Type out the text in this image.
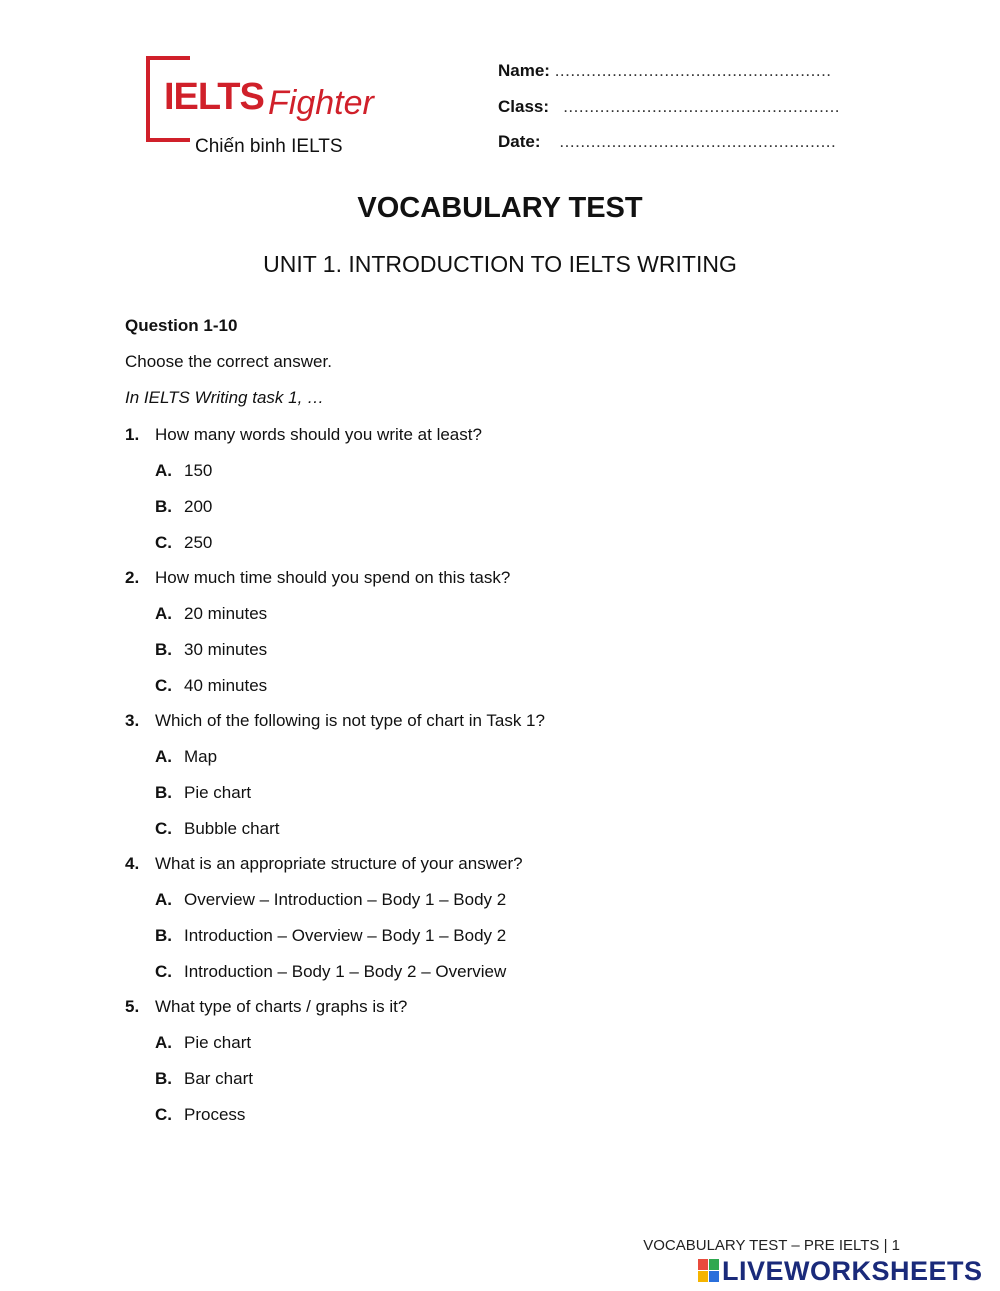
IELTS Fighter
Chiến binh IELTS
Name: .....................................................
Class: .....................................................
Date: .....................................................
VOCABULARY TEST
UNIT 1. INTRODUCTION TO IELTS WRITING
Question 1-10
Choose the correct answer.
In IELTS Writing task 1, …
1. How many words should you write at least?
A. 150
B. 200
C. 250
2. How much time should you spend on this task?
A. 20 minutes
B. 30 minutes
C. 40 minutes
3. Which of the following is not type of chart in Task 1?
A. Map
B. Pie chart
C. Bubble chart
4. What is an appropriate structure of your answer?
A. Overview – Introduction – Body 1 – Body 2
B. Introduction – Overview – Body 1 – Body 2
C. Introduction – Body 1 – Body 2 – Overview
5. What type of charts / graphs is it?
A. Pie chart
B. Bar chart
C. Process
VOCABULARY TEST – PRE IELTS | 1
LIVEWORKSHEETS
